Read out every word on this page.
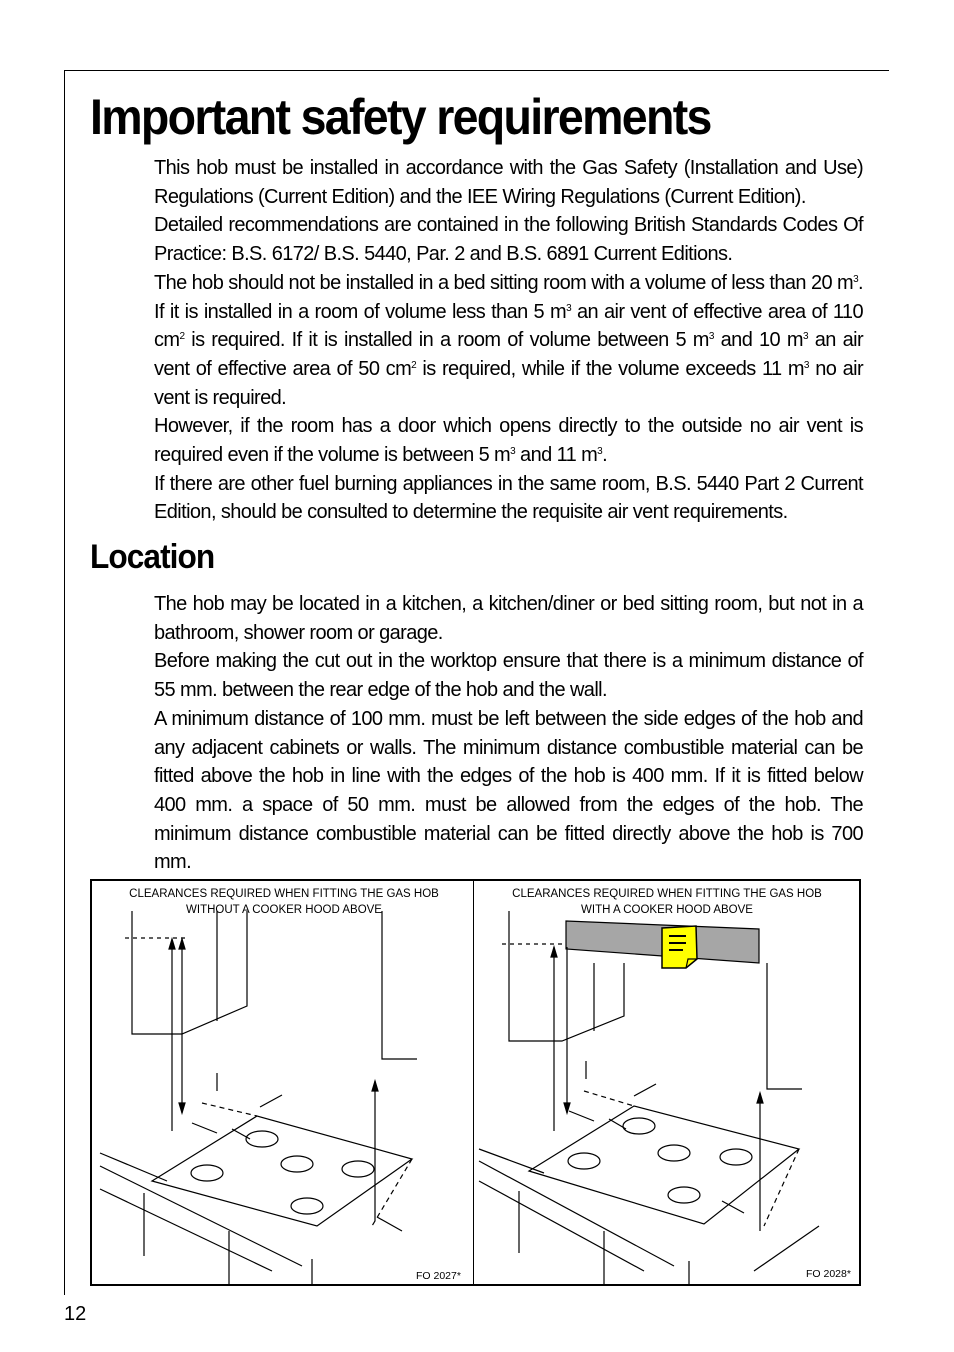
Important safety requirements

This hob must be installed in accordance with the Gas Safety (Installation and Use) Regulations (Current Edition) and the IEE Wiring Regulations (Current Edition).

Detailed recommendations are contained in the following British Standards Codes Of Practice: B.S. 6172/ B.S. 5440, Par. 2 and B.S. 6891 Current Editions.

The hob should not be installed in a bed sitting room with a volume of less than 20 $m^3$. If it is installed in a room of volume less than 5 $m^3$ an air vent of effective area of 110 $cm^2$ is required. If it is installed in a room of volume between 5 $m^3$ and 10 $m^3$ an air vent of effective area of 50 $cm^2$ is required, while if the volume exceeds 11 $m^3$ no air vent is required.

However, if the room has a door which opens directly to the outside no air vent is required even if the volume is between 5 $m^3$ and 11 $m^3$.

If there are other fuel burning appliances in the same room, B.S. 5440 Part 2 Current Edition, should be consulted to determine the requisite air vent requirements.

Location

The hob may be located in a kitchen, a kitchen/diner or bed sitting room, but not in a bathroom, shower room or garage.

Before making the cut out in the worktop ensure that there is a minimum distance of 55 mm. between the rear edge of the hob and the wall.

A minimum distance of 100 mm. must be left between the side edges of the hob and any adjacent cabinets or walls. The minimum distance combustible material can be fitted above the hob in line with the edges of the hob is 400 mm. If it is fitted below 400 mm. a space of 50 mm. must be allowed from the edges of the hob. The minimum distance combustible material can be fitted directly above the hob is 700 mm.

CLEARANCES REQUIRED WHEN FITTING THE GAS HOB

WITHOUT A COOKER HOOD ABOVE

CLEARANCES REQUIRED WHEN FITTING THE GAS HOB

WITH A COOKER HOOD ABOVE

FO 2027*	FO 2028*
12
